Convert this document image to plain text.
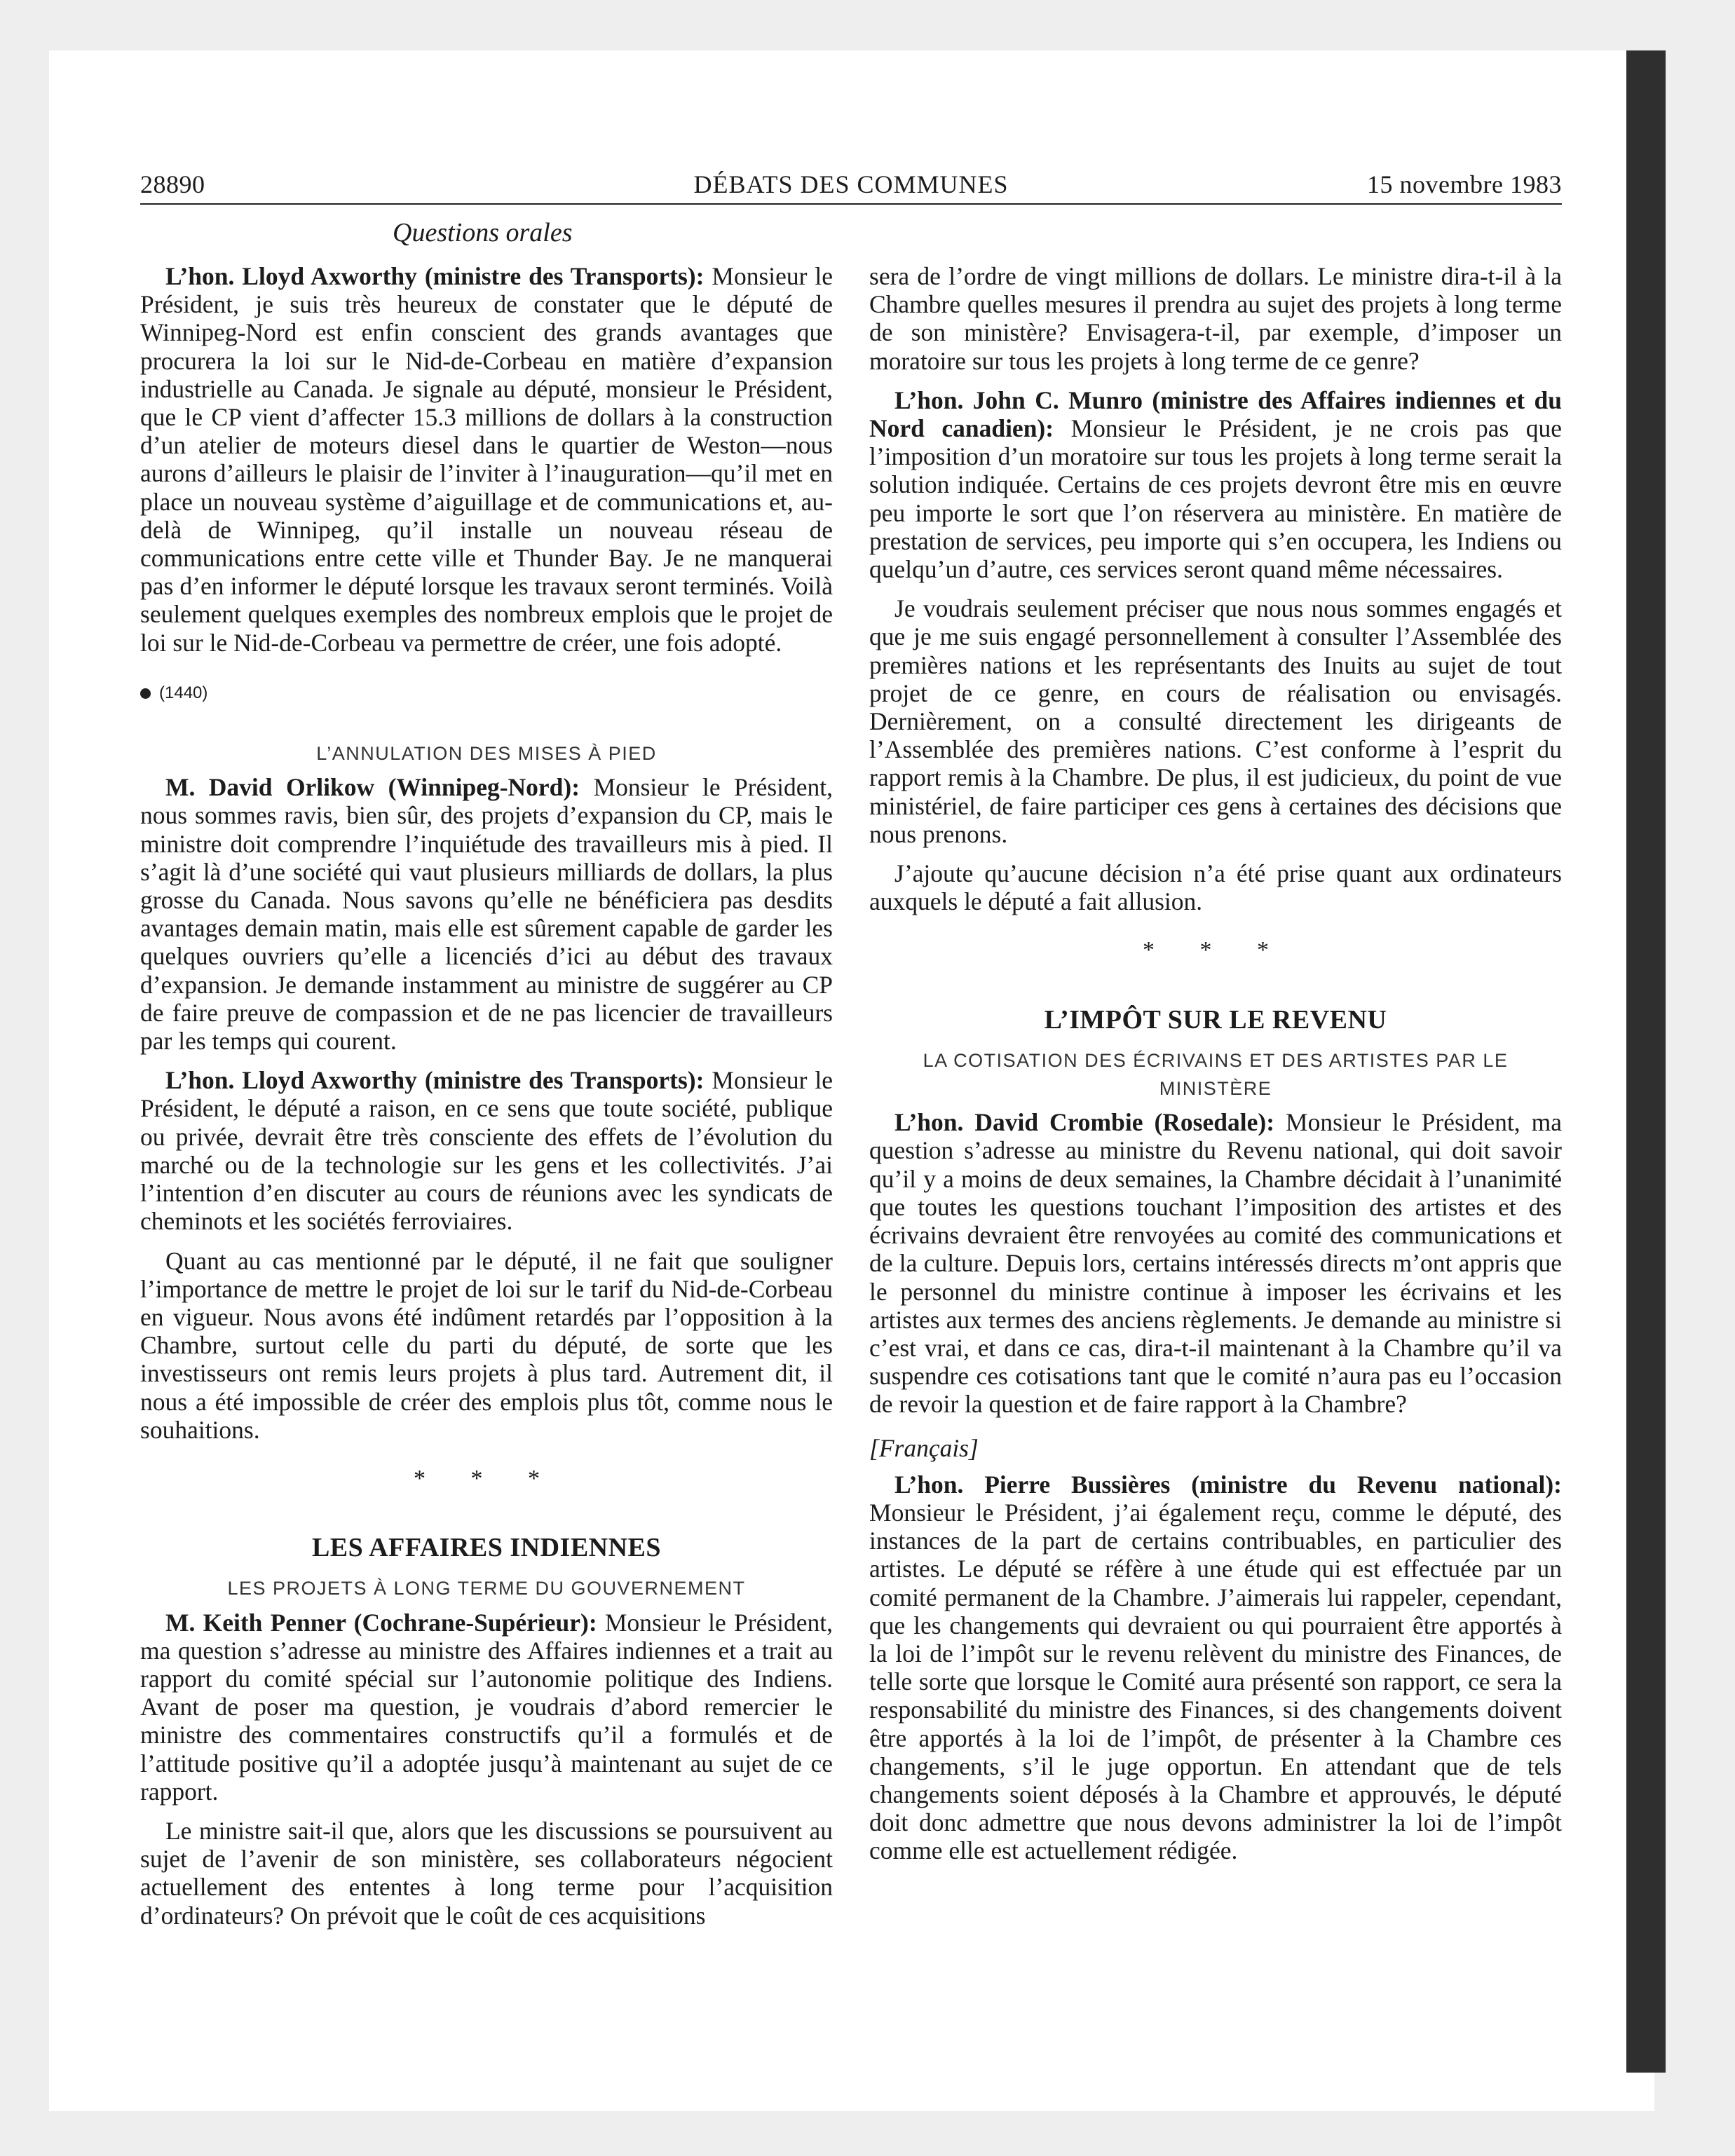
28890	DÉBATS DES COMMUNES	15 novembre 1983
Questions orales

L’hon. Lloyd Axworthy (ministre des Transports): Monsieur le Président, je suis très heureux de constater que le député de Winnipeg-Nord est enfin conscient des grands avantages que procurera la loi sur le Nid-de-Corbeau en matière d’expansion industrielle au Canada. Je signale au député, monsieur le Président, que le CP vient d’affecter 15.3 millions de dollars à la construction d’un atelier de moteurs diesel dans le quartier de Weston—nous aurons d’ailleurs le plaisir de l’inviter à l’inauguration—qu’il met en place un nouveau système d’aiguillage et de communications et, au-delà de Winnipeg, qu’il installe un nouveau réseau de communications entre cette ville et Thunder Bay. Je ne manquerai pas d’en informer le député lorsque les travaux seront terminés. Voilà seulement quelques exemples des nombreux emplois que le projet de loi sur le Nid-de-Corbeau va permettre de créer, une fois adopté.

(1440)
L’ANNULATION DES MISES À PIED

M. David Orlikow (Winnipeg-Nord): Monsieur le Président, nous sommes ravis, bien sûr, des projets d’expansion du CP, mais le ministre doit comprendre l’inquiétude des travailleurs mis à pied. Il s’agit là d’une société qui vaut plusieurs milliards de dollars, la plus grosse du Canada. Nous savons qu’elle ne bénéficiera pas desdits avantages demain matin, mais elle est sûrement capable de garder les quelques ouvriers qu’elle a licenciés d’ici au début des travaux d’expansion. Je demande instamment au ministre de suggérer au CP de faire preuve de compassion et de ne pas licencier de travailleurs par les temps qui courent.

L’hon. Lloyd Axworthy (ministre des Transports): Monsieur le Président, le député a raison, en ce sens que toute société, publique ou privée, devrait être très consciente des effets de l’évolution du marché ou de la technologie sur les gens et les collectivités. J’ai l’intention d’en discuter au cours de réunions avec les syndicats de cheminots et les sociétés ferroviaires.

Quant au cas mentionné par le député, il ne fait que souligner l’importance de mettre le projet de loi sur le tarif du Nid-de-Corbeau en vigueur. Nous avons été indûment retardés par l’opposition à la Chambre, surtout celle du parti du député, de sorte que les investisseurs ont remis leurs projets à plus tard. Autrement dit, il nous a été impossible de créer des emplois plus tôt, comme nous le souhaitions.

* * *
LES AFFAIRES INDIENNES
LES PROJETS À LONG TERME DU GOUVERNEMENT

M. Keith Penner (Cochrane-Supérieur): Monsieur le Président, ma question s’adresse au ministre des Affaires indiennes et a trait au rapport du comité spécial sur l’autonomie politique des Indiens. Avant de poser ma question, je voudrais d’abord remercier le ministre des commentaires constructifs qu’il a formulés et de l’attitude positive qu’il a adoptée jusqu’à maintenant au sujet de ce rapport.

Le ministre sait-il que, alors que les discussions se poursuivent au sujet de l’avenir de son ministère, ses collaborateurs négocient actuellement des ententes à long terme pour l’acquisition d’ordinateurs? On prévoit que le coût de ces acquisitions

sera de l’ordre de vingt millions de dollars. Le ministre dira-t-il à la Chambre quelles mesures il prendra au sujet des projets à long terme de son ministère? Envisagera-t-il, par exemple, d’imposer un moratoire sur tous les projets à long terme de ce genre?

L’hon. John C. Munro (ministre des Affaires indiennes et du Nord canadien): Monsieur le Président, je ne crois pas que l’imposition d’un moratoire sur tous les projets à long terme serait la solution indiquée. Certains de ces projets devront être mis en œuvre peu importe le sort que l’on réservera au ministère. En matière de prestation de services, peu importe qui s’en occupera, les Indiens ou quelqu’un d’autre, ces services seront quand même nécessaires.

Je voudrais seulement préciser que nous nous sommes engagés et que je me suis engagé personnellement à consulter l’Assemblée des premières nations et les représentants des Inuits au sujet de tout projet de ce genre, en cours de réalisation ou envisagés. Dernièrement, on a consulté directement les dirigeants de l’Assemblée des premières nations. C’est conforme à l’esprit du rapport remis à la Chambre. De plus, il est judicieux, du point de vue ministériel, de faire participer ces gens à certaines des décisions que nous prenons.

J’ajoute qu’aucune décision n’a été prise quant aux ordinateurs auxquels le député a fait allusion.

* * *
L’IMPÔT SUR LE REVENU
LA COTISATION DES ÉCRIVAINS ET DES ARTISTES PAR LE MINISTÈRE

L’hon. David Crombie (Rosedale): Monsieur le Président, ma question s’adresse au ministre du Revenu national, qui doit savoir qu’il y a moins de deux semaines, la Chambre décidait à l’unanimité que toutes les questions touchant l’imposition des artistes et des écrivains devraient être renvoyées au comité des communications et de la culture. Depuis lors, certains intéressés directs m’ont appris que le personnel du ministre continue à imposer les écrivains et les artistes aux termes des anciens règlements. Je demande au ministre si c’est vrai, et dans ce cas, dira-t-il maintenant à la Chambre qu’il va suspendre ces cotisations tant que le comité n’aura pas eu l’occasion de revoir la question et de faire rapport à la Chambre?

[Français]

L’hon. Pierre Bussières (ministre du Revenu national): Monsieur le Président, j’ai également reçu, comme le député, des instances de la part de certains contribuables, en particulier des artistes. Le député se réfère à une étude qui est effectuée par un comité permanent de la Chambre. J’aimerais lui rappeler, cependant, que les changements qui devraient ou qui pourraient être apportés à la loi de l’impôt sur le revenu relèvent du ministre des Finances, de telle sorte que lorsque le Comité aura présenté son rapport, ce sera la responsabilité du ministre des Finances, si des changements doivent être apportés à la loi de l’impôt, de présenter à la Chambre ces changements, s’il le juge opportun. En attendant que de tels changements soient déposés à la Chambre et approuvés, le député doit donc admettre que nous devons administrer la loi de l’impôt comme elle est actuellement rédigée.
